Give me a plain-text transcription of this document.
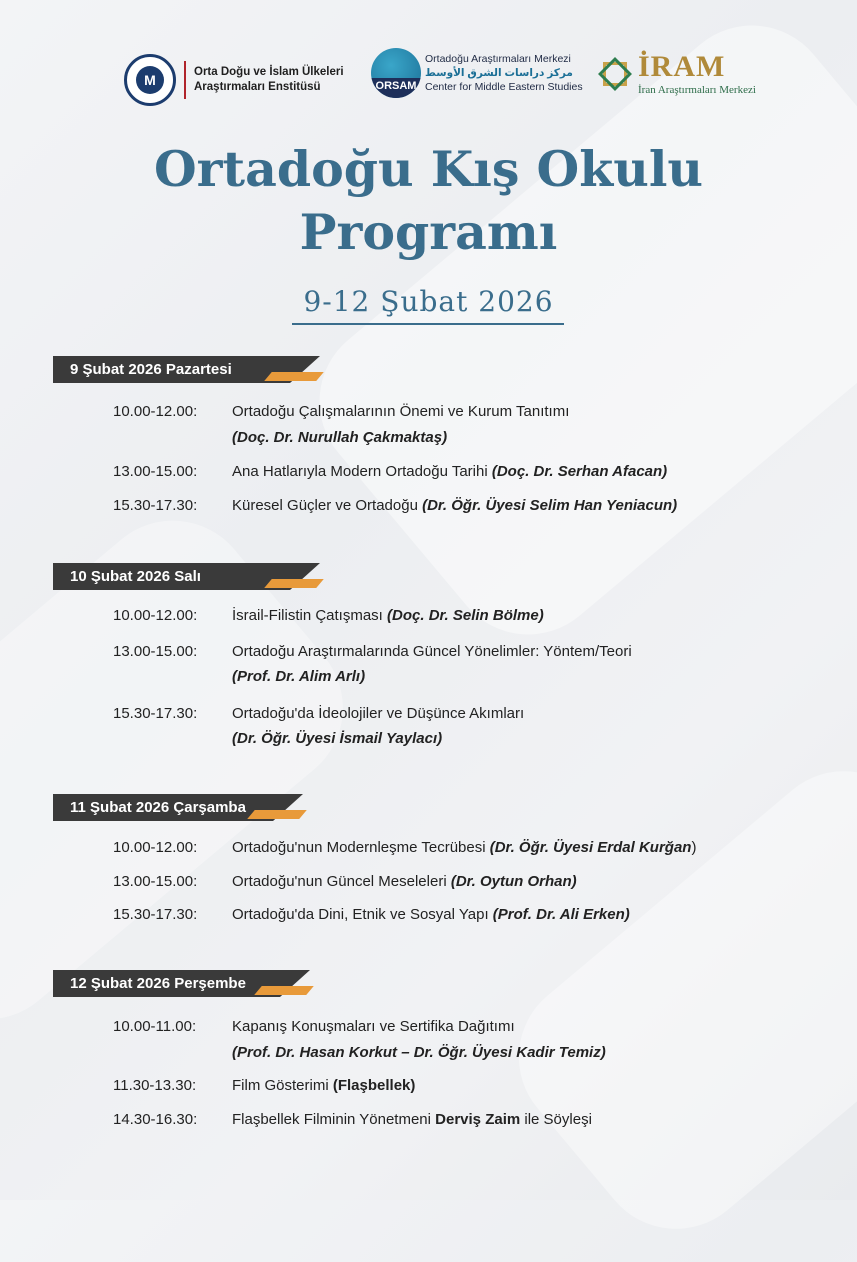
M	Orta Doğu ve İslam Ülkeleri
Araştırmaları Enstitüsü	ORSAM
Ortadoğu Araştırmaları Merkezi
مركز دراسات الشرق الأوسط
Center for Middle Eastern Studies
İRAM
İran Araştırmaları Merkezi
Ortadoğu Kış Okulu
Programı
9-12 Şubat 2026
9 Şubat 2026 Pazartesi
10.00-12.00: Ortadoğu Çalışmalarının Önemi ve Kurum Tanıtımı
(Doç. Dr. Nurullah Çakmaktaş)
13.00-15.00: Ana Hatlarıyla Modern Ortadoğu Tarihi (Doç. Dr. Serhan Afacan)
15.30-17.30: Küresel Güçler ve Ortadoğu (Dr. Öğr. Üyesi Selim Han Yeniacun)
10 Şubat 2026 Salı
10.00-12.00: İsrail-Filistin Çatışması (Doç. Dr. Selin Bölme)
13.00-15.00: Ortadoğu Araştırmalarında Güncel Yönelimler: Yöntem/Teori
(Prof. Dr. Alim Arlı)
15.30-17.30: Ortadoğu'da İdeolojiler ve Düşünce Akımları
(Dr. Öğr. Üyesi İsmail Yaylacı)
11 Şubat 2026 Çarşamba
10.00-12.00: Ortadoğu'nun Modernleşme Tecrübesi (Dr. Öğr. Üyesi Erdal Kurğan)
13.00-15.00: Ortadoğu'nun Güncel Meseleleri (Dr. Oytun Orhan)
15.30-17.30: Ortadoğu'da Dini, Etnik ve Sosyal Yapı (Prof. Dr. Ali Erken)
12 Şubat 2026 Perşembe
10.00-11.00: Kapanış Konuşmaları ve Sertifika Dağıtımı
(Prof. Dr. Hasan Korkut – Dr. Öğr. Üyesi Kadir Temiz)
11.30-13.30: Film Gösterimi (Flaşbellek)
14.30-16.30: Flaşbellek Filminin Yönetmeni Derviş Zaim ile Söyleşi
